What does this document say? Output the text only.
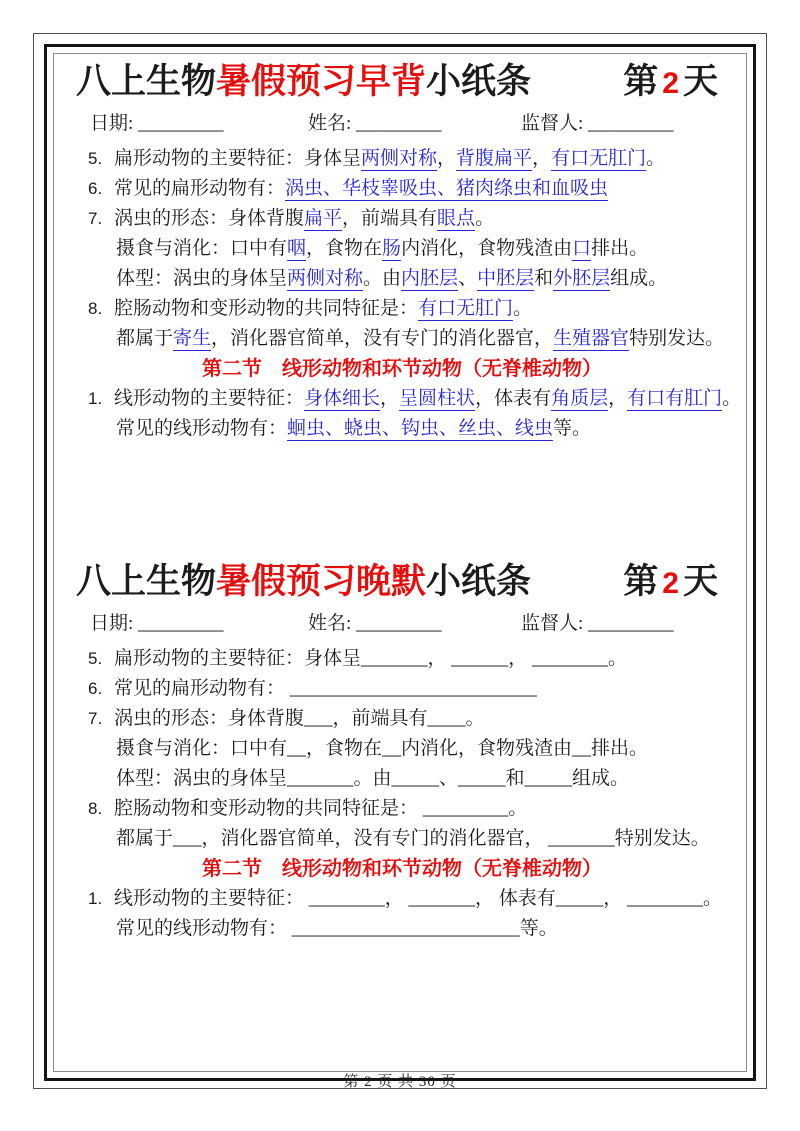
八上生物暑假预习早背小纸条	第 2 天
日期: _________	姓名: _________	监督人: _________
5. 扁形动物的主要特征：身体呈两侧对称，背腹扁平，有口无肛门。
6. 常见的扁形动物有：涡虫、华枝睾吸虫、猪肉绦虫和血吸虫
7. 涡虫的形态：身体背腹扁平，前端具有眼点。
摄食与消化：口中有咽，食物在肠内消化，食物残渣由口排出。
体型：涡虫的身体呈两侧对称。由内胚层、中胚层和外胚层组成。
8. 腔肠动物和变形动物的共同特征是：有口无肛门。
都属于寄生，消化器官简单，没有专门的消化器官，生殖器官特别发达。
第二节　线形动物和环节动物（无脊椎动物）
1. 线形动物的主要特征：身体细长，呈圆柱状，体表有角质层，有口有肛门。
常见的线形动物有：蛔虫、蛲虫、钩虫、丝虫、线虫等。
八上生物暑假预习晚默小纸条	第 2 天
日期: _________	姓名: _________	监督人: _________
5. 扁形动物的主要特征：身体呈_______， ______， ________。
6. 常见的扁形动物有： __________________________
7. 涡虫的形态：身体背腹___，前端具有____。
摄食与消化：口中有__，食物在__内消化，食物残渣由__排出。
体型：涡虫的身体呈_______。由_____、_____和_____组成。
8. 腔肠动物和变形动物的共同特征是： _________。
都属于___，消化器官简单，没有专门的消化器官， _______特别发达。
第二节　线形动物和环节动物（无脊椎动物）
1. 线形动物的主要特征： ________， _______， 体表有_____， ________。
常见的线形动物有： ________________________等。
第 2 页 共 30 页
